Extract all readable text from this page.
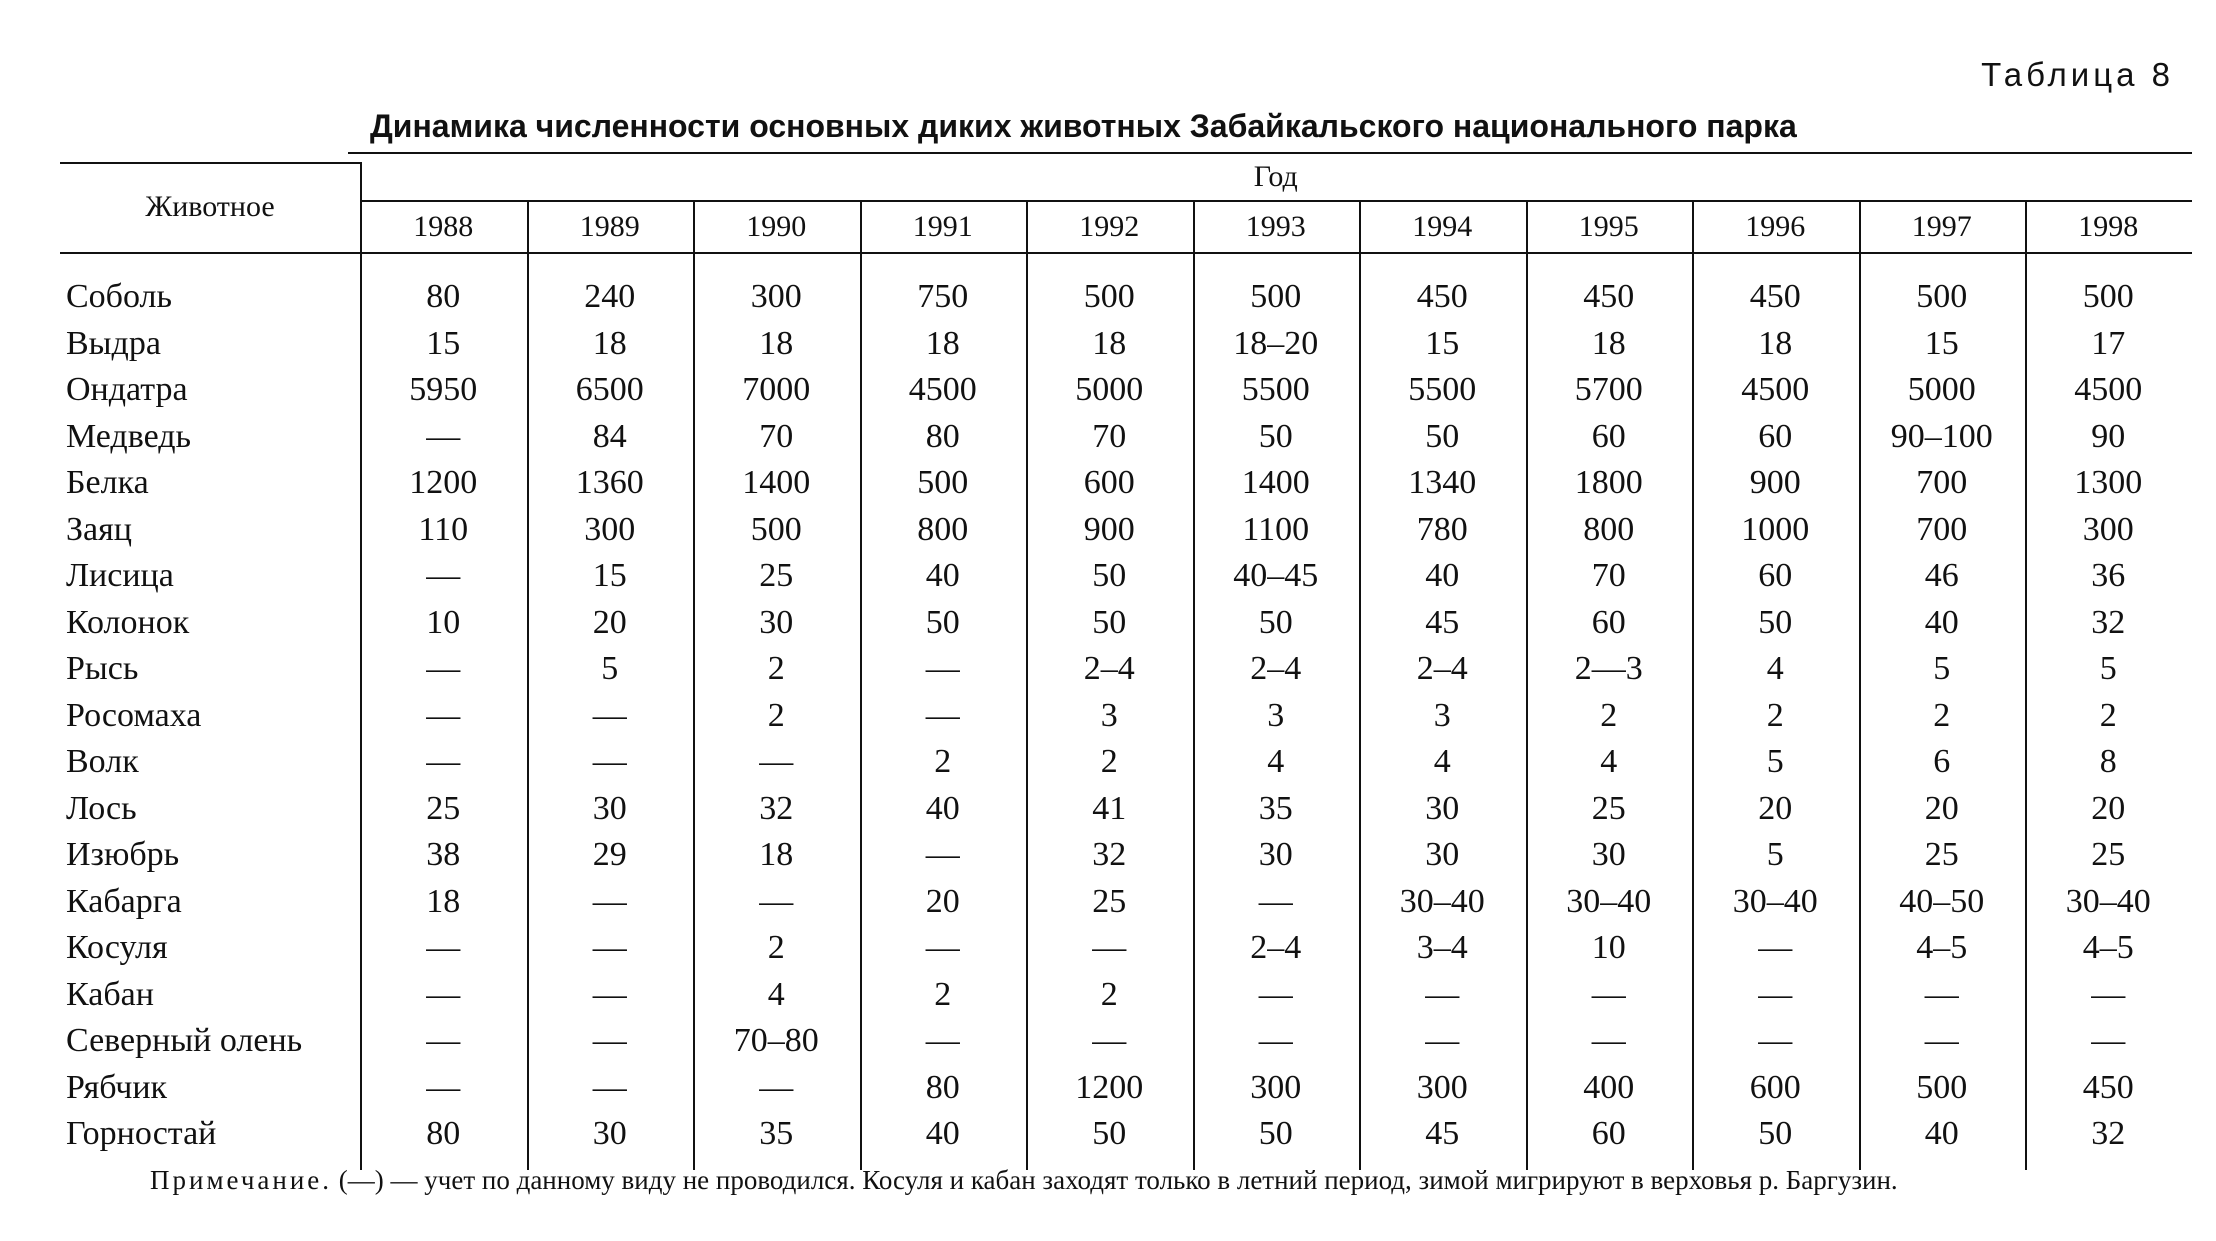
Таблица 8
Динамика численности основных диких животных Забайкальского национального парка
Животное
Год
1988	1989	1990	1991	1992	1993	1994	1995	1996	1997	1998
Соболь	80	240	300	750	500	500	450	450	450	500	500
Выдра	15	18	18	18	18	18–20	15	18	18	15	17
Ондатра	5950	6500	7000	4500	5000	5500	5500	5700	4500	5000	4500
Медведь	—	84	70	80	70	50	50	60	60	90–100	90
Белка	1200	1360	1400	500	600	1400	1340	1800	900	700	1300
Заяц	110	300	500	800	900	1100	780	800	1000	700	300
Лисица	—	15	25	40	50	40–45	40	70	60	46	36
Колонок	10	20	30	50	50	50	45	60	50	40	32
Рысь	—	5	2	—	2–4	2–4	2–4	2—3	4	5	5
Росомаха	—	—	2	—	3	3	3	2	2	2	2
Волк	—	—	—	2	2	4	4	4	5	6	8
Лось	25	30	32	40	41	35	30	25	20	20	20
Изюбрь	38	29	18	—	32	30	30	30	5	25	25
Кабарга	18	—	—	20	25	—	30–40	30–40	30–40	40–50	30–40
Косуля	—	—	2	—	—	2–4	3–4	10	—	4–5	4–5
Кабан	—	—	4	2	2	—	—	—	—	—	—
Северный олень	—	—	70–80	—	—	—	—	—	—	—	—
Рябчик	—	—	—	80	1200	300	300	400	600	500	450
Горностай	80	30	35	40	50	50	45	60	50	40	32
Примечание. (—) — учет по данному виду не проводился. Косуля и кабан заходят только в летний период, зимой мигрируют в верховья р. Баргузин.
